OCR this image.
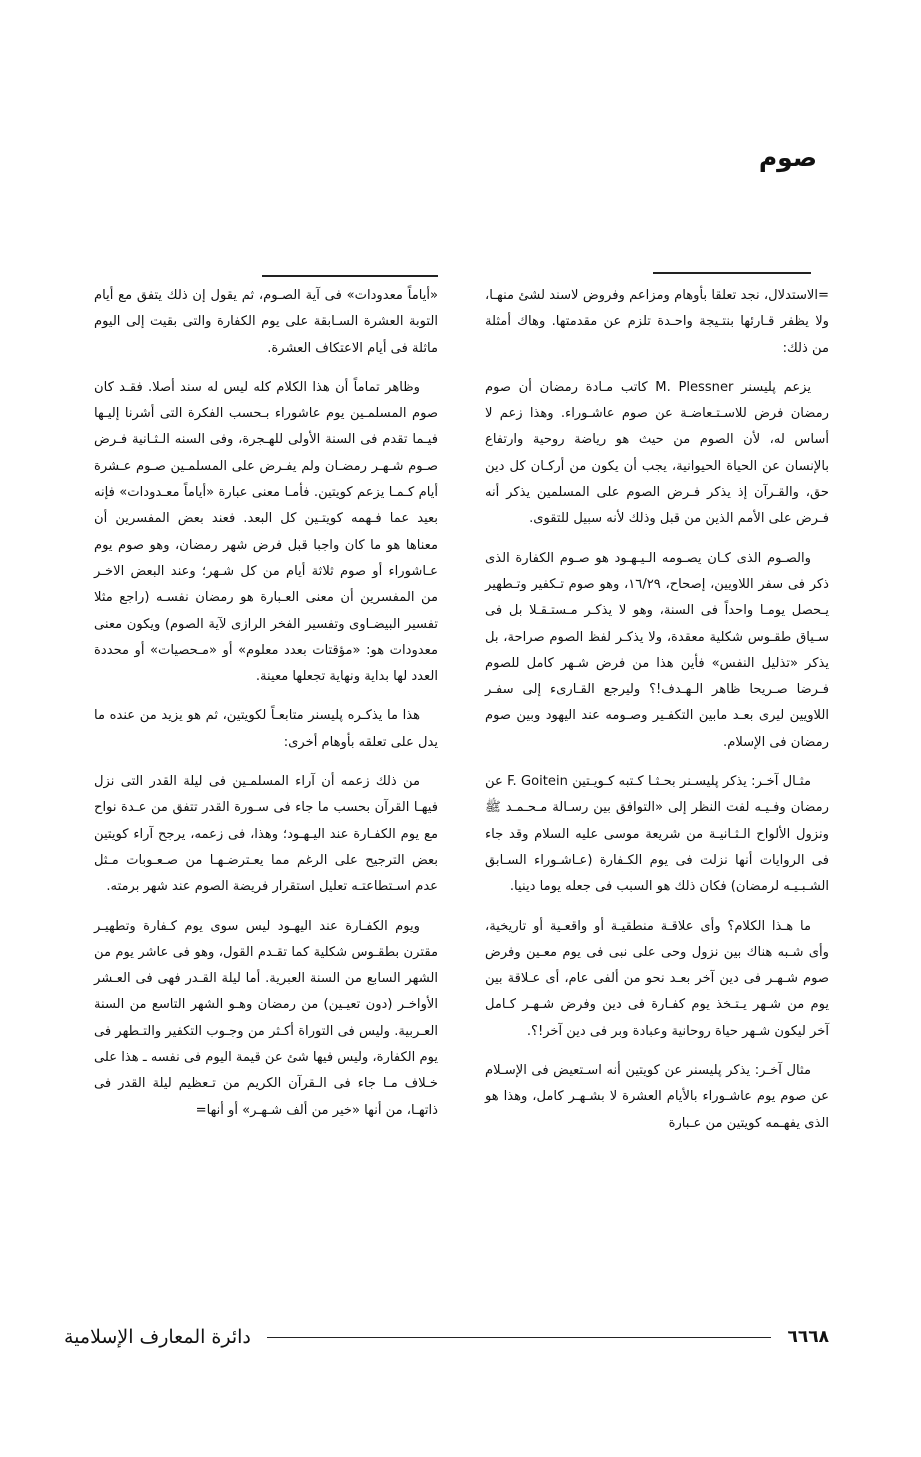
صوم

=الاستدلال، نجد تعلقا بأوهام ومزاعم وفروض لاسند لشئ منهـا، ولا يظفر قـارئها بنتـيجة واحـدة تلزم عن مقدمتها. وهاك أمثلة من ذلك:

يزعم پليسنر M. Plessner كاتب مـادة رمضان أن صوم رمضان فرض للاسـتـعاضـة عن صوم عاشـوراء. وهذا زعم لا أساس له، لأن الصوم من حيث هو رياضة روحية وارتفاع بالإنسان عن الحياة الحيوانية، يجب أن يكون من أركـان كل دين حق، والقـرآن إذ يذكر فـرض الصوم على المسلمين يذكر أنه فـرض على الأمم الذين من قبل وذلك لأنه سبيل للتقوى.

والصـوم الذى كـان يصـومه الـيـهـود هو صـوم الكفارة الذى ذكر فى سفر اللاويين، إصحاح، ١٦/٢٩، وهو صوم تـكفير وتـطهير يـحصل يومـا واحداً فى السنة، وهو لا يذكـر مـستـقـلا بل فى سـياق طقـوس شكلية معقدة، ولا يذكـر لفظ الصوم صراحة، بل يذكر «تذليل النفس» فأين هذا من فرض شـهر كامل للصوم فـرضا صـريحا ظاهر الـهـدف!؟ وليرجع القـارىء إلى سفـر اللاويين ليرى بعـد مابين التكفـير وصـومه عند اليهود وبين صوم رمضان فى الإسلام.

مثـال آخـر: يذكر پليسـنر بحـثـا كـتبه كـويـتين F. Goitein عن رمضان وفـيـه لفت النظر إلى «التوافق بين رسـالة مـحـمـد ﷺ ونزول الألواح الـثـانيـة من شريعة موسى عليه السلام وقد جاء فى الروايات أنها نزلت فى يوم الكـفارة (عـاشـوراء السـابق الشـبـيـه لرمضان) فكان ذلك هو السبب فى جعله يوما دينيا.

ما هـذا الكلام؟ وأى علاقـة منطقيـة أو واقعـية أو تاريخية، وأى شـبه هناك بين نزول وحى على نبى فى يوم معـين وفرض صوم شـهـر فى دين آخر بعـد نحو من ألفى عام، أى عـلاقة بين يوم من شـهر يـتـخذ يوم كفـارة فى دين وفرض شـهـر كـامل آخر ليكون شـهر حياة روحانية وعبادة وبر فى دين آخر!؟.

مثال آخـر: يذكر پليسنر عن كويتين أنه اسـتعيض فى الإسـلام عن صوم يوم عاشـوراء بالأيام العشرة لا بشـهـر كامل، وهذا هو الذى يفهـمه كويتين من عـبارة

«أياماً معدودات» فى آية الصـوم، ثم يقول إن ذلك يتفق مع أيام التوبة العشرة السـابقة على يوم الكفارة والتى بقيت إلى اليوم ماثلة فى أيام الاعتكاف العشرة.

وظاهر تماماً أن هذا الكلام كله ليس له سند أصلا. فقـد كان صوم المسلمـين يوم عاشوراء بـحسب الفكرة التى أشرنا إليـها فيـما تقدم فى السنة الأولى للهـجرة، وفى السنه الـثـانية فـرض صـوم شـهـر رمضـان ولم يفـرض على المسلمـين صـوم عـشرة أيام كـمـا يزعم كويتين. فأمـا معنى عبارة «أياماً معـدودات» فإنه بعيد عما فـهمه كويتـين كل البعد. فعند بعض المفسرين أن معناها هو ما كان واجبا قبل فرض شهر رمضان، وهو صوم يوم عـاشوراء أو صوم ثلاثة أيام من كل شـهر؛ وعند البعض الاخـر من المفسرين أن معنى العـبارة هو رمضان نفسـه (راجع مثلا تفسير البيضـاوى وتفسير الفخر الرازى لآية الصوم) ويكون معنى معدودات هو: «مؤقتات بعدد معلوم» أو «مـحصيات» أو محددة العدد لها بداية ونهاية تجعلها معينة.

هذا ما يذكـره پليسنر متابعـاً لكويتين، ثم هو يزيد من عنده ما يدل على تعلقه بأوهام أخرى:

من ذلك زعمه أن آراء المسلمـين فى ليلة القدر التى نزل فيهـا القرآن بحسب ما جاء فى سـورة القدر تتفق من عـدة نواح مع يوم الكفـارة عند اليـهـود؛ وهذا، فى زعمه، يرجح آراء كويتين بعض الترجيح على الرغم مما يعـترضـهـا من صـعـوبات مـثل عدم اسـتطاعتـه تعليل استقرار فريضة الصوم عند شهر برمته.

ويوم الكفـارة عند اليهـود ليس سوى يوم كـفارة وتطهيـر مقترن بطقـوس شكلية كما تقـدم القول، وهو فى عاشر يوم من الشهر السابع من السنة العبرية. أما ليلة القـدر فهى فى العـشر الأواخـر (دون تعيـين) من رمضان وهـو الشهر التاسع من السنة العـربية. وليس فى التوراة أكـثر من وجـوب التكفير والتـطهر فى يوم الكفارة، وليس فيها شئ عن قيمة اليوم فى نفسه ـ هذا على خـلاف مـا جاء فى الـقرآن الكريم من تـعظيم ليلة القدر فى ذاتهـا، من أنها «خير من ألف شـهـر» أو أنها=

٦٦٦٨
دائرة المعارف الإسلامية
